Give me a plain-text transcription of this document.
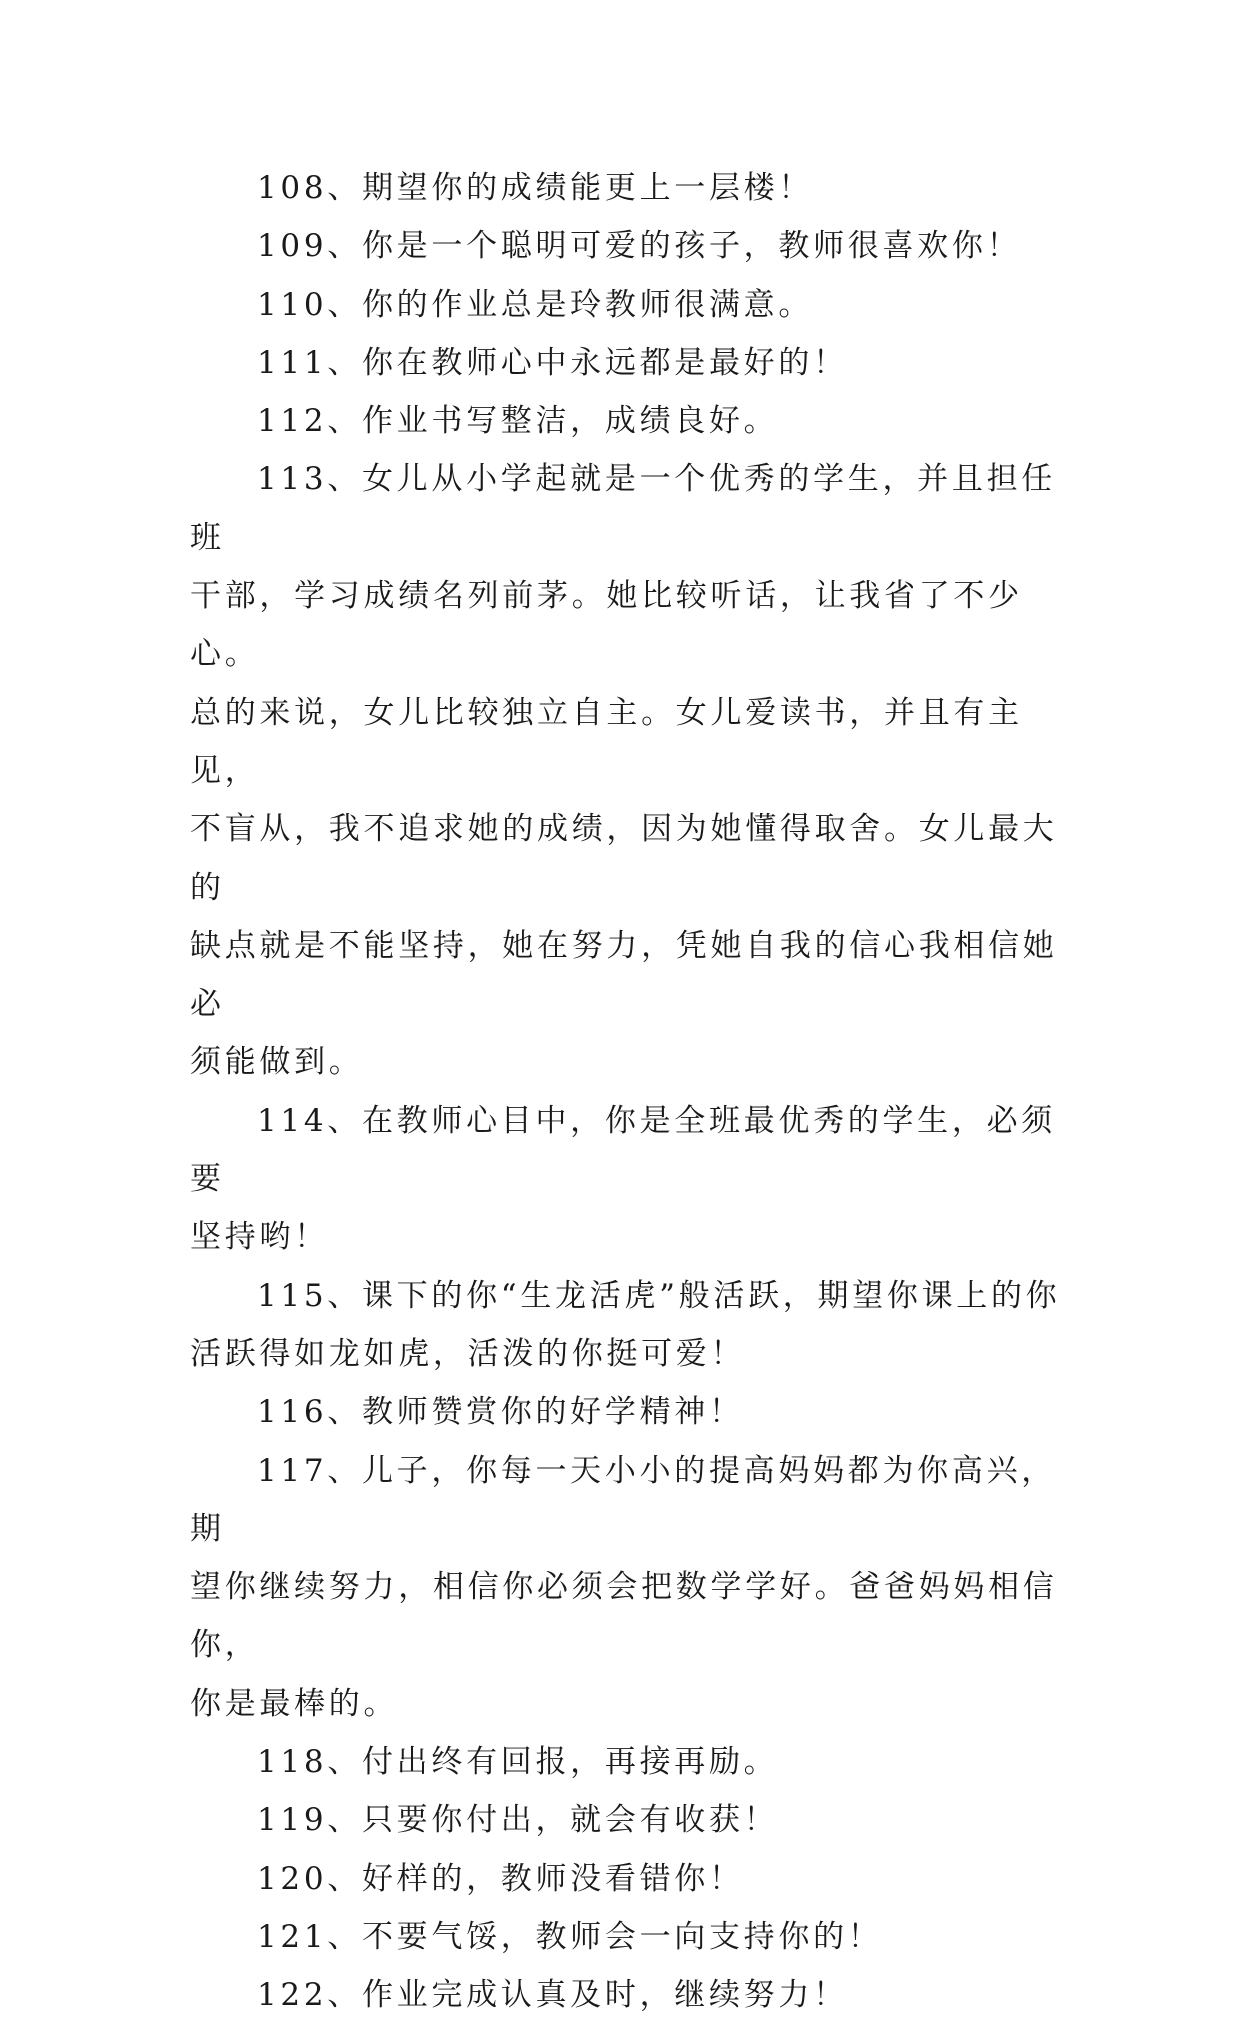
108、期望你的成绩能更上一层楼！

109、你是一个聪明可爱的孩子，教师很喜欢你！

110、你的作业总是玲教师很满意。

111、你在教师心中永远都是最好的！

112、作业书写整洁，成绩良好。

113、女儿从小学起就是一个优秀的学生，并且担任班
干部，学习成绩名列前茅。她比较听话，让我省了不少心。
总的来说，女儿比较独立自主。女儿爱读书，并且有主见，
不盲从，我不追求她的成绩，因为她懂得取舍。女儿最大的
缺点就是不能坚持，她在努力，凭她自我的信心我相信她必
须能做到。

114、在教师心目中，你是全班最优秀的学生，必须要
坚持哟！

115、课下的你“生龙活虎”般活跃，期望你课上的你
活跃得如龙如虎，活泼的你挺可爱！

116、教师赞赏你的好学精神！

117、儿子，你每一天小小的提高妈妈都为你高兴，期
望你继续努力，相信你必须会把数学学好。爸爸妈妈相信你，
你是最棒的。

118、付出终有回报，再接再励。

119、只要你付出，就会有收获！

120、好样的，教师没看错你！

121、不要气馁，教师会一向支持你的！

122、作业完成认真及时，继续努力！
